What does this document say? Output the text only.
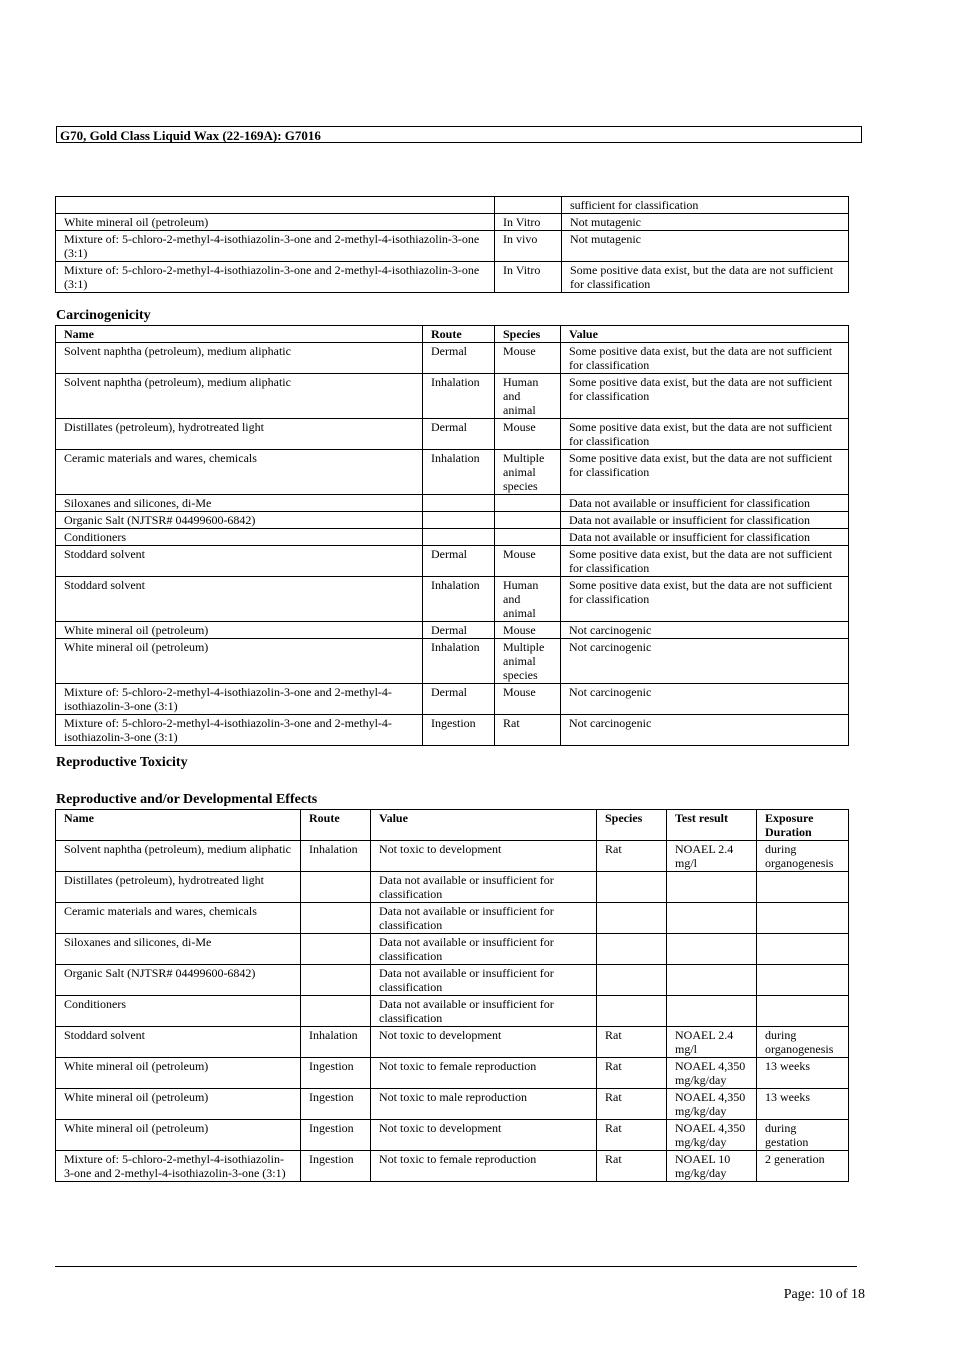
G70, Gold Class Liquid Wax (22-169A): G7016
		sufficient for classification
White mineral oil (petroleum)	In Vitro	Not mutagenic
Mixture of: 5-chloro-2-methyl-4-isothiazolin-3-one and 2-methyl-4-isothiazolin-3-one (3:1)	In vivo	Not mutagenic
Mixture of: 5-chloro-2-methyl-4-isothiazolin-3-one and 2-methyl-4-isothiazolin-3-one (3:1)	In Vitro	Some positive data exist, but the data are not sufficient for classification
Carcinogenicity
Name	Route	Species	Value
Solvent naphtha (petroleum), medium aliphatic	Dermal	Mouse	Some positive data exist, but the data are not sufficient for classification
Solvent naphtha (petroleum), medium aliphatic	Inhalation	Human and animal	Some positive data exist, but the data are not sufficient for classification
Distillates (petroleum), hydrotreated light	Dermal	Mouse	Some positive data exist, but the data are not sufficient for classification
Ceramic materials and wares, chemicals	Inhalation	Multiple animal species	Some positive data exist, but the data are not sufficient for classification
Siloxanes and silicones, di-Me			Data not available or insufficient for classification
Organic Salt (NJTSR# 04499600-6842)			Data not available or insufficient for classification
Conditioners			Data not available or insufficient for classification
Stoddard solvent	Dermal	Mouse	Some positive data exist, but the data are not sufficient for classification
Stoddard solvent	Inhalation	Human and animal	Some positive data exist, but the data are not sufficient for classification
White mineral oil (petroleum)	Dermal	Mouse	Not carcinogenic
White mineral oil (petroleum)	Inhalation	Multiple animal species	Not carcinogenic
Mixture of: 5-chloro-2-methyl-4-isothiazolin-3-one and 2-methyl-4-isothiazolin-3-one (3:1)	Dermal	Mouse	Not carcinogenic
Mixture of: 5-chloro-2-methyl-4-isothiazolin-3-one and 2-methyl-4-isothiazolin-3-one (3:1)	Ingestion	Rat	Not carcinogenic
Reproductive Toxicity
Reproductive and/or Developmental Effects
Name	Route	Value	Species	Test result	Exposure Duration
Solvent naphtha (petroleum), medium aliphatic	Inhalation	Not toxic to development	Rat	NOAEL 2.4 mg/l	during organogenesis
Distillates (petroleum), hydrotreated light		Data not available or insufficient for classification			
Ceramic materials and wares, chemicals		Data not available or insufficient for classification			
Siloxanes and silicones, di-Me		Data not available or insufficient for classification			
Organic Salt (NJTSR# 04499600-6842)		Data not available or insufficient for classification			
Conditioners		Data not available or insufficient for classification			
Stoddard solvent	Inhalation	Not toxic to development	Rat	NOAEL 2.4 mg/l	during organogenesis
White mineral oil (petroleum)	Ingestion	Not toxic to female reproduction	Rat	NOAEL 4,350 mg/kg/day	13 weeks
White mineral oil (petroleum)	Ingestion	Not toxic to male reproduction	Rat	NOAEL 4,350 mg/kg/day	13 weeks
White mineral oil (petroleum)	Ingestion	Not toxic to development	Rat	NOAEL 4,350 mg/kg/day	during gestation
Mixture of: 5-chloro-2-methyl-4-isothiazolin-3-one and 2-methyl-4-isothiazolin-3-one (3:1)	Ingestion	Not toxic to female reproduction	Rat	NOAEL 10 mg/kg/day	2 generation
Page: 10 of 18
